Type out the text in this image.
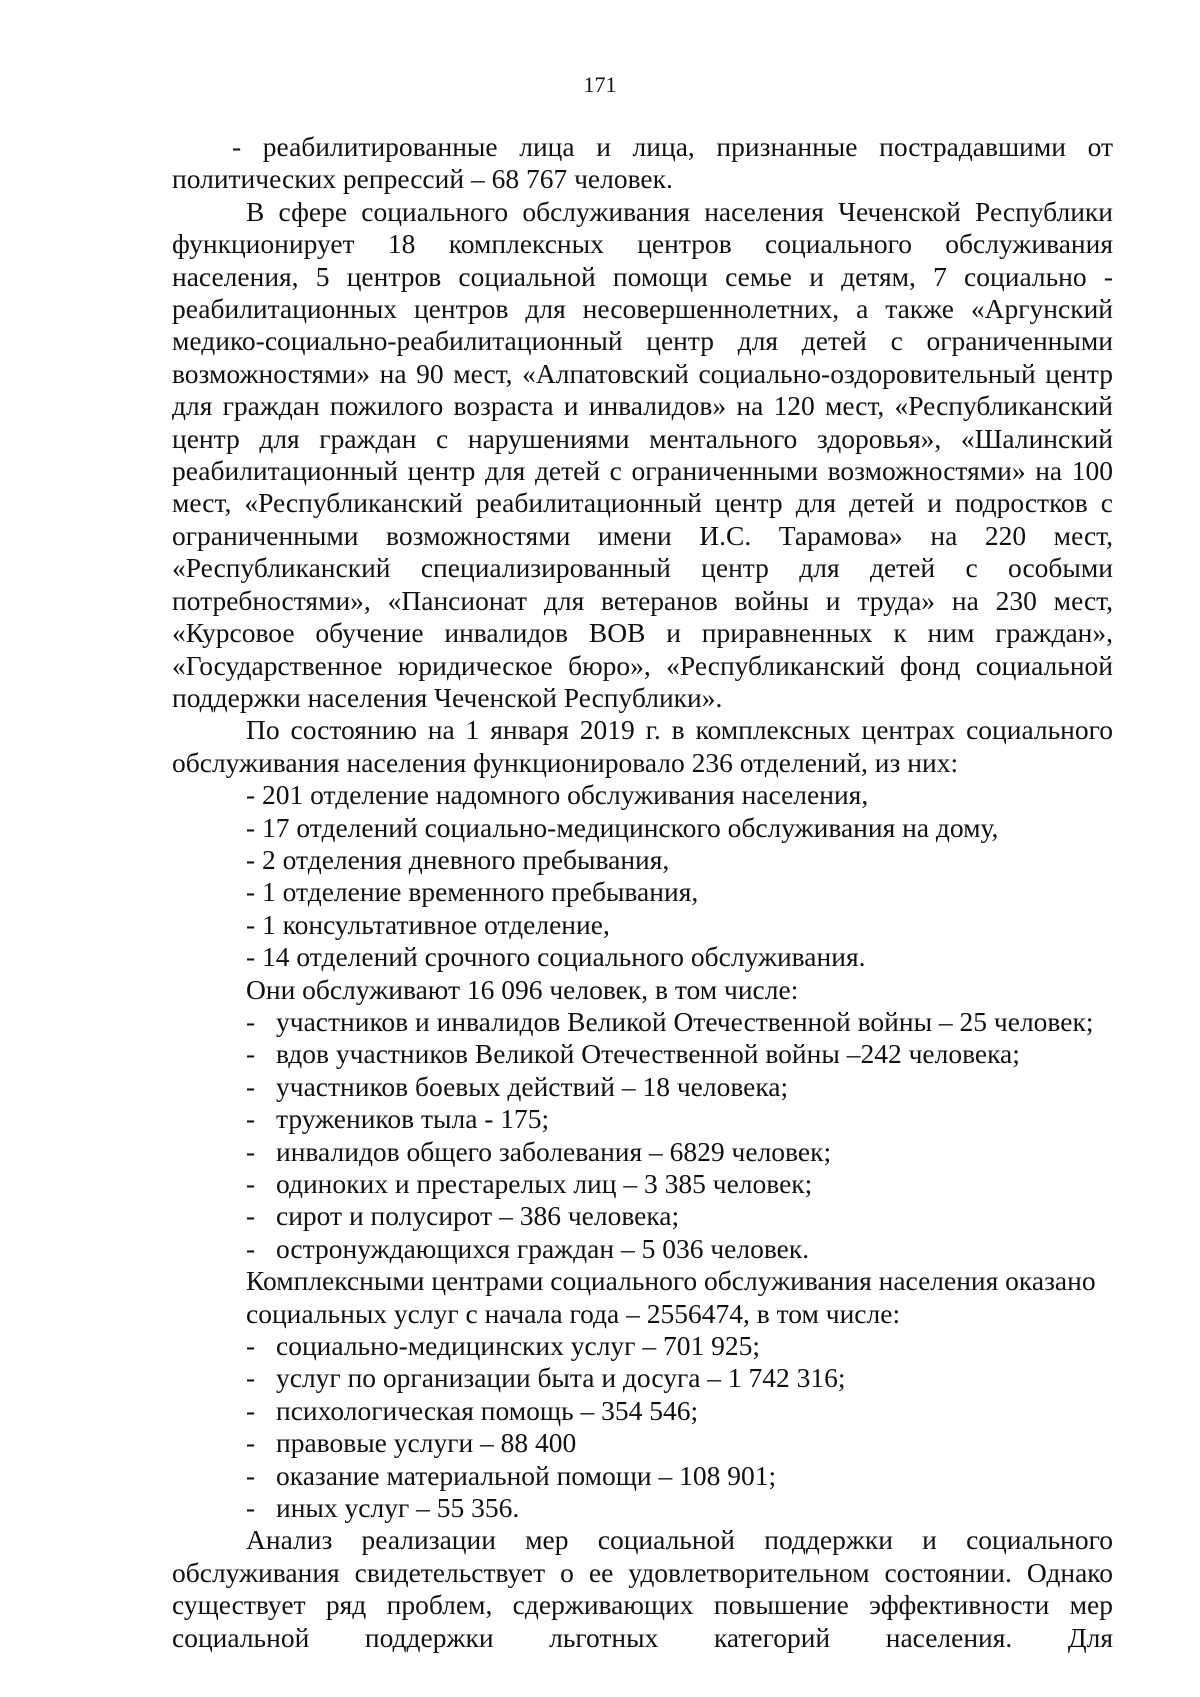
171

- реабилитированные лица и лица, признанные пострадавшими от политических репрессий – 68 767 человек.

В сфере социального обслуживания населения Чеченской Республики функционирует 18 комплексных центров социального обслуживания населения, 5 центров социальной помощи семье и детям, 7 социально - реабилитационных центров для несовершеннолетних, а также «Аргунский медико-социально-реабилитационный центр для детей с ограниченными возможностями» на 90 мест, «Алпатовский социально-оздоровительный центр для граждан пожилого возраста и инвалидов» на 120 мест, «Республиканский центр для граждан с нарушениями ментального здоровья», «Шалинский реабилитационный центр для детей с ограниченными возможностями» на 100 мест, «Республиканский реабилитационный центр для детей и подростков с ограниченными возможностями имени И.С. Тарамова» на 220 мест, «Республиканский специализированный центр для детей с особыми потребностями», «Пансионат для ветеранов войны и труда» на 230 мест, «Курсовое обучение инвалидов ВОВ и приравненных к ним граждан», «Государственное юридическое бюро», «Республиканский фонд социальной поддержки населения Чеченской Республики».

По состоянию на 1 января 2019 г. в комплексных центрах социального обслуживания населения функционировало 236 отделений, из них:

- 201 отделение надомного обслуживания населения,
- 17 отделений социально-медицинского обслуживания на дому,
- 2 отделения дневного пребывания,
- 1 отделение временного пребывания,
- 1 консультативное отделение,
- 14 отделений срочного социального обслуживания.
Они обслуживают 16 096 человек, в том числе:
- участников и инвалидов Великой Отечественной войны – 25 человек;
- вдов участников Великой Отечественной войны –242 человека;
- участников боевых действий – 18 человека;
- тружеников тыла - 175;
- инвалидов общего заболевания – 6829 человек;
- одиноких и престарелых лиц – 3 385 человек;
- сирот и полусирот – 386 человека;
- остронуждающихся граждан – 5 036 человек.

Комплексными центрами социального обслуживания населения оказано социальных услуг с начала года – 2556474, в том числе:

- социально-медицинских услуг – 701 925;
- услуг по организации быта и досуга – 1 742 316;
- психологическая помощь – 354 546;
- правовые услуги – 88 400
- оказание материальной помощи – 108 901;
- иных услуг – 55 356.

Анализ реализации мер социальной поддержки и социального обслуживания свидетельствует о ее удовлетворительном состоянии. Однако существует ряд проблем, сдерживающих повышение эффективности мер социальной поддержки льготных категорий населения. Для
